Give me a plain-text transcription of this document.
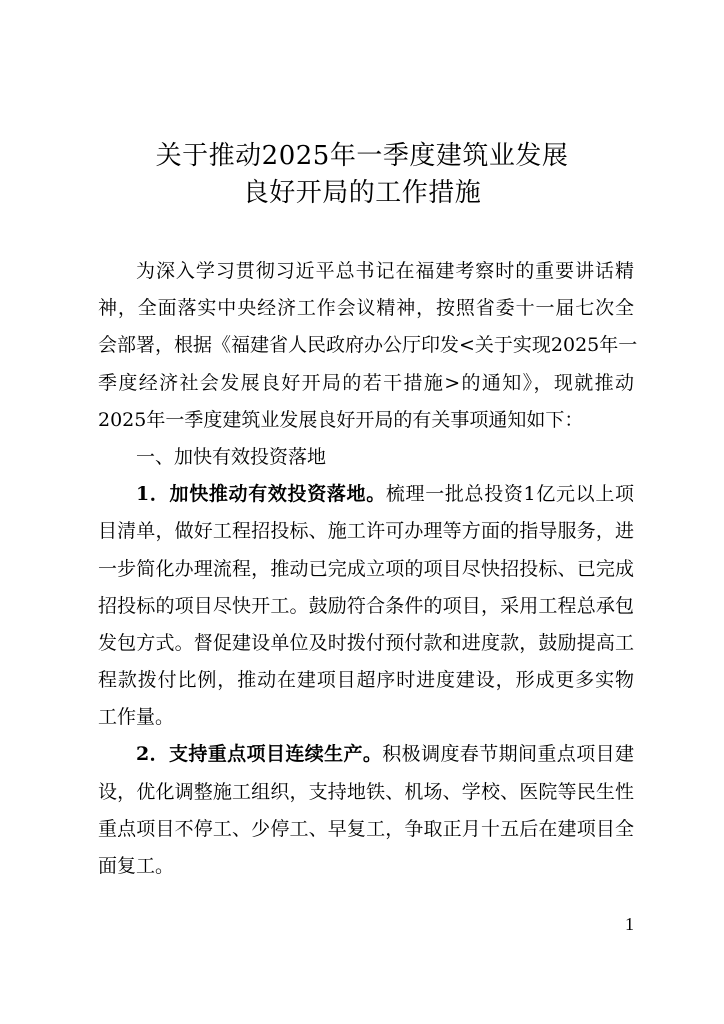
关于推动2025年一季度建筑业发展
良好开局的工作措施
为深入学习贯彻习近平总书记在福建考察时的重要讲话精
神，全面落实中央经济工作会议精神，按照省委十一届七次全
会部署，根据《福建省人民政府办公厅印发<关于实现2025年一
季度经济社会发展良好开局的若干措施>的通知》，现就推动
2025年一季度建筑业发展良好开局的有关事项通知如下：
一、加快有效投资落地
1．加快推动有效投资落地。梳理一批总投资1亿元以上项
目清单，做好工程招投标、施工许可办理等方面的指导服务，进
一步简化办理流程，推动已完成立项的项目尽快招投标、已完成
招投标的项目尽快开工。鼓励符合条件的项目，采用工程总承包
发包方式。督促建设单位及时拨付预付款和进度款，鼓励提高工
程款拨付比例，推动在建项目超序时进度建设，形成更多实物
工作量。
2．支持重点项目连续生产。积极调度春节期间重点项目建
设，优化调整施工组织，支持地铁、机场、学校、医院等民生性
重点项目不停工、少停工、早复工，争取正月十五后在建项目全
面复工。
1
